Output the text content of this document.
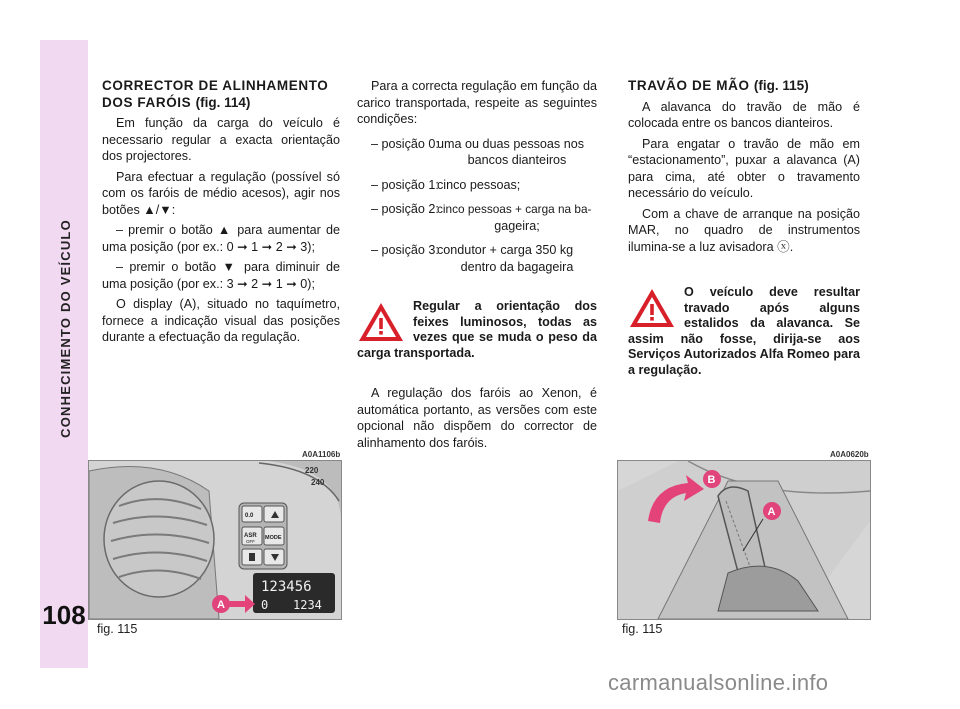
CONHECIMENTO DO VEÍCULO
108

CORRECTOR DE ALINHAMENTO DOS FARÓIS (fig. 114)

Em função da carga do veículo é necessario regular a exacta orientação dos projectores.

Para efectuar a regulação (possível só com os faróis de médio acesos), agir nos botões ▲/▼:

– premir o botão ▲ para aumentar de uma posição (por ex.: 0 ➞ 1 ➞ 2 ➞ 3);

– premir o botão ▼ para diminuir de uma posição (por ex.: 3 ➞ 2 ➞ 1 ➞ 0);

O display (A), situado no taquímetro, fornece a indicação visual das posições durante a efectuação da regulação.

Para a correcta regulação em função da carico transportada, respeite as seguintes condições:

– posição 0:
uma ou duas pessoas nos
bancos dianteiros
– posição 1:
cinco pessoas;
– posição 2:
cinco pessoas + carga na ba-
gageira;
– posição 3:
condutor + carga 350 kg
dentro da bagageira
Regular a orientação dos feixes luminosos, todas as vezes que se muda o peso da carga transportada.

A regulação dos faróis ao Xenon, é automática portanto, as versões com este opcional não dispõem do corrector de alinhamento dos faróis.

TRAVÃO DE MÃO (fig. 115)

A alavanca do travão de mão é colocada entre os bancos dianteiros.

Para engatar o travão de mão em “estacionamento”, puxar a alavanca (A) para cima, até obter o travamento necessário do veículo.

Com a chave de arranque na posição MAR, no quadro de instrumentos ilumina-se a luz avisadora ⓧ.

O veículo deve resultar travado após alguns estalidos da alavanca. Se assim não fosse, dirija-se aos Serviços Autorizados Alfa Romeo para a regulação.
A0A1106b
220
240
0.0
ASR
OFF
MODE
123456
0 1234
A
fig. 115
A0A0620b
A
B
fig. 115
carmanualsonline.info
